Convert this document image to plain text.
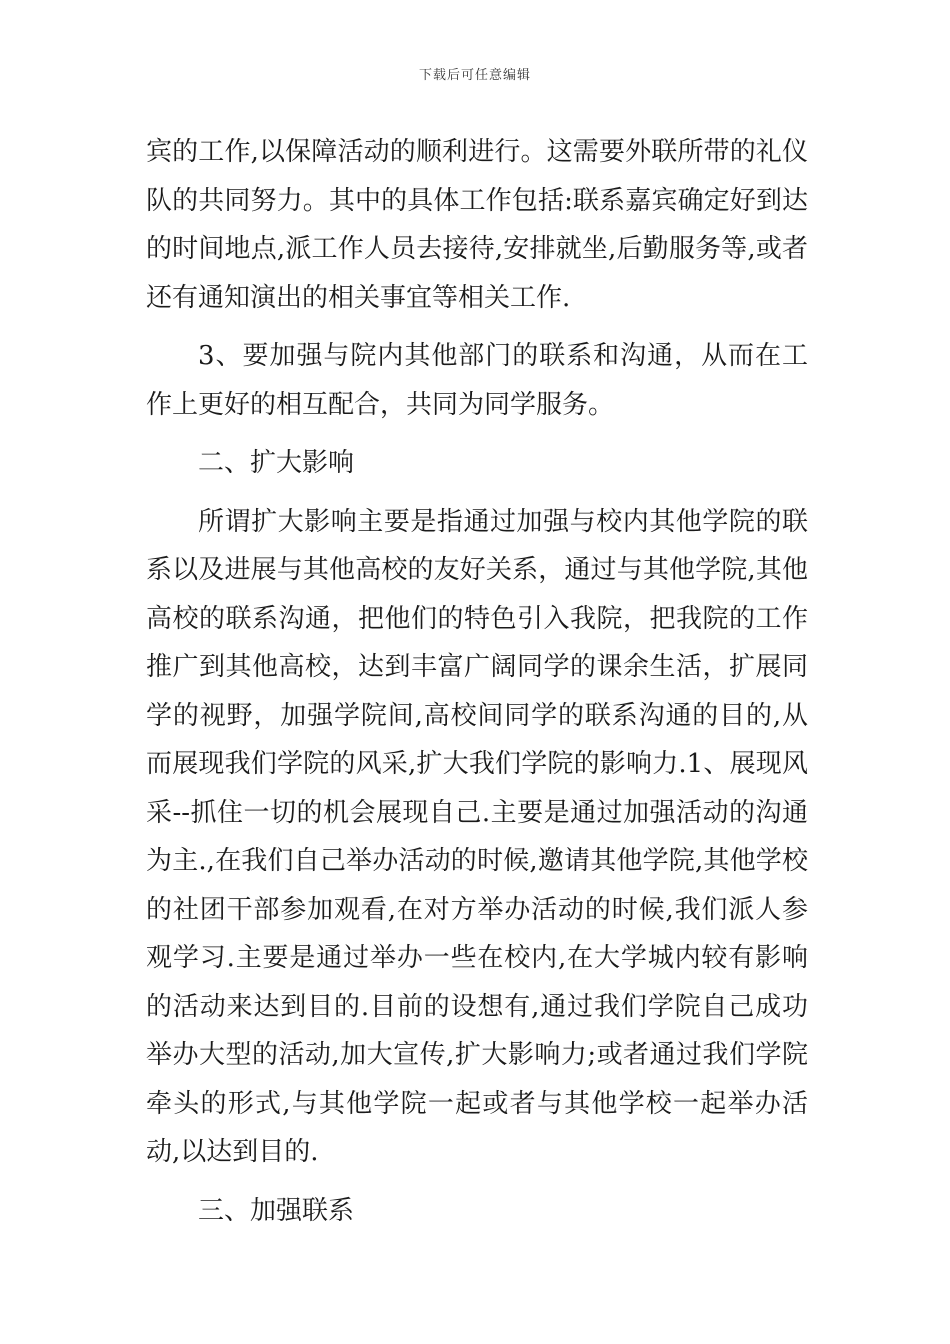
下载后可任意编辑

宾的工作,以保障活动的顺利进行。这需要外联所带的礼仪队的共同努力。其中的具体工作包括:联系嘉宾确定好到达的时间地点,派工作人员去接待,安排就坐,后勤服务等,或者还有通知演出的相关事宜等相关工作.

3、要加强与院内其他部门的联系和沟通，从而在工作上更好的相互配合，共同为同学服务。

二、扩大影响

所谓扩大影响主要是指通过加强与校内其他学院的联系以及进展与其他高校的友好关系，通过与其他学院,其他高校的联系沟通，把他们的特色引入我院，把我院的工作推广到其他高校，达到丰富广阔同学的课余生活，扩展同学的视野，加强学院间,高校间同学的联系沟通的目的,从而展现我们学院的风采,扩大我们学院的影响力.1、展现风采--抓住一切的机会展现自己.主要是通过加强活动的沟通为主.,在我们自己举办活动的时候,邀请其他学院,其他学校的社团干部参加观看,在对方举办活动的时候,我们派人参观学习.主要是通过举办一些在校内,在大学城内较有影响的活动来达到目的.目前的设想有,通过我们学院自己成功举办大型的活动,加大宣传,扩大影响力;或者通过我们学院牵头的形式,与其他学院一起或者与其他学校一起举办活动,以达到目的.

三、加强联系
